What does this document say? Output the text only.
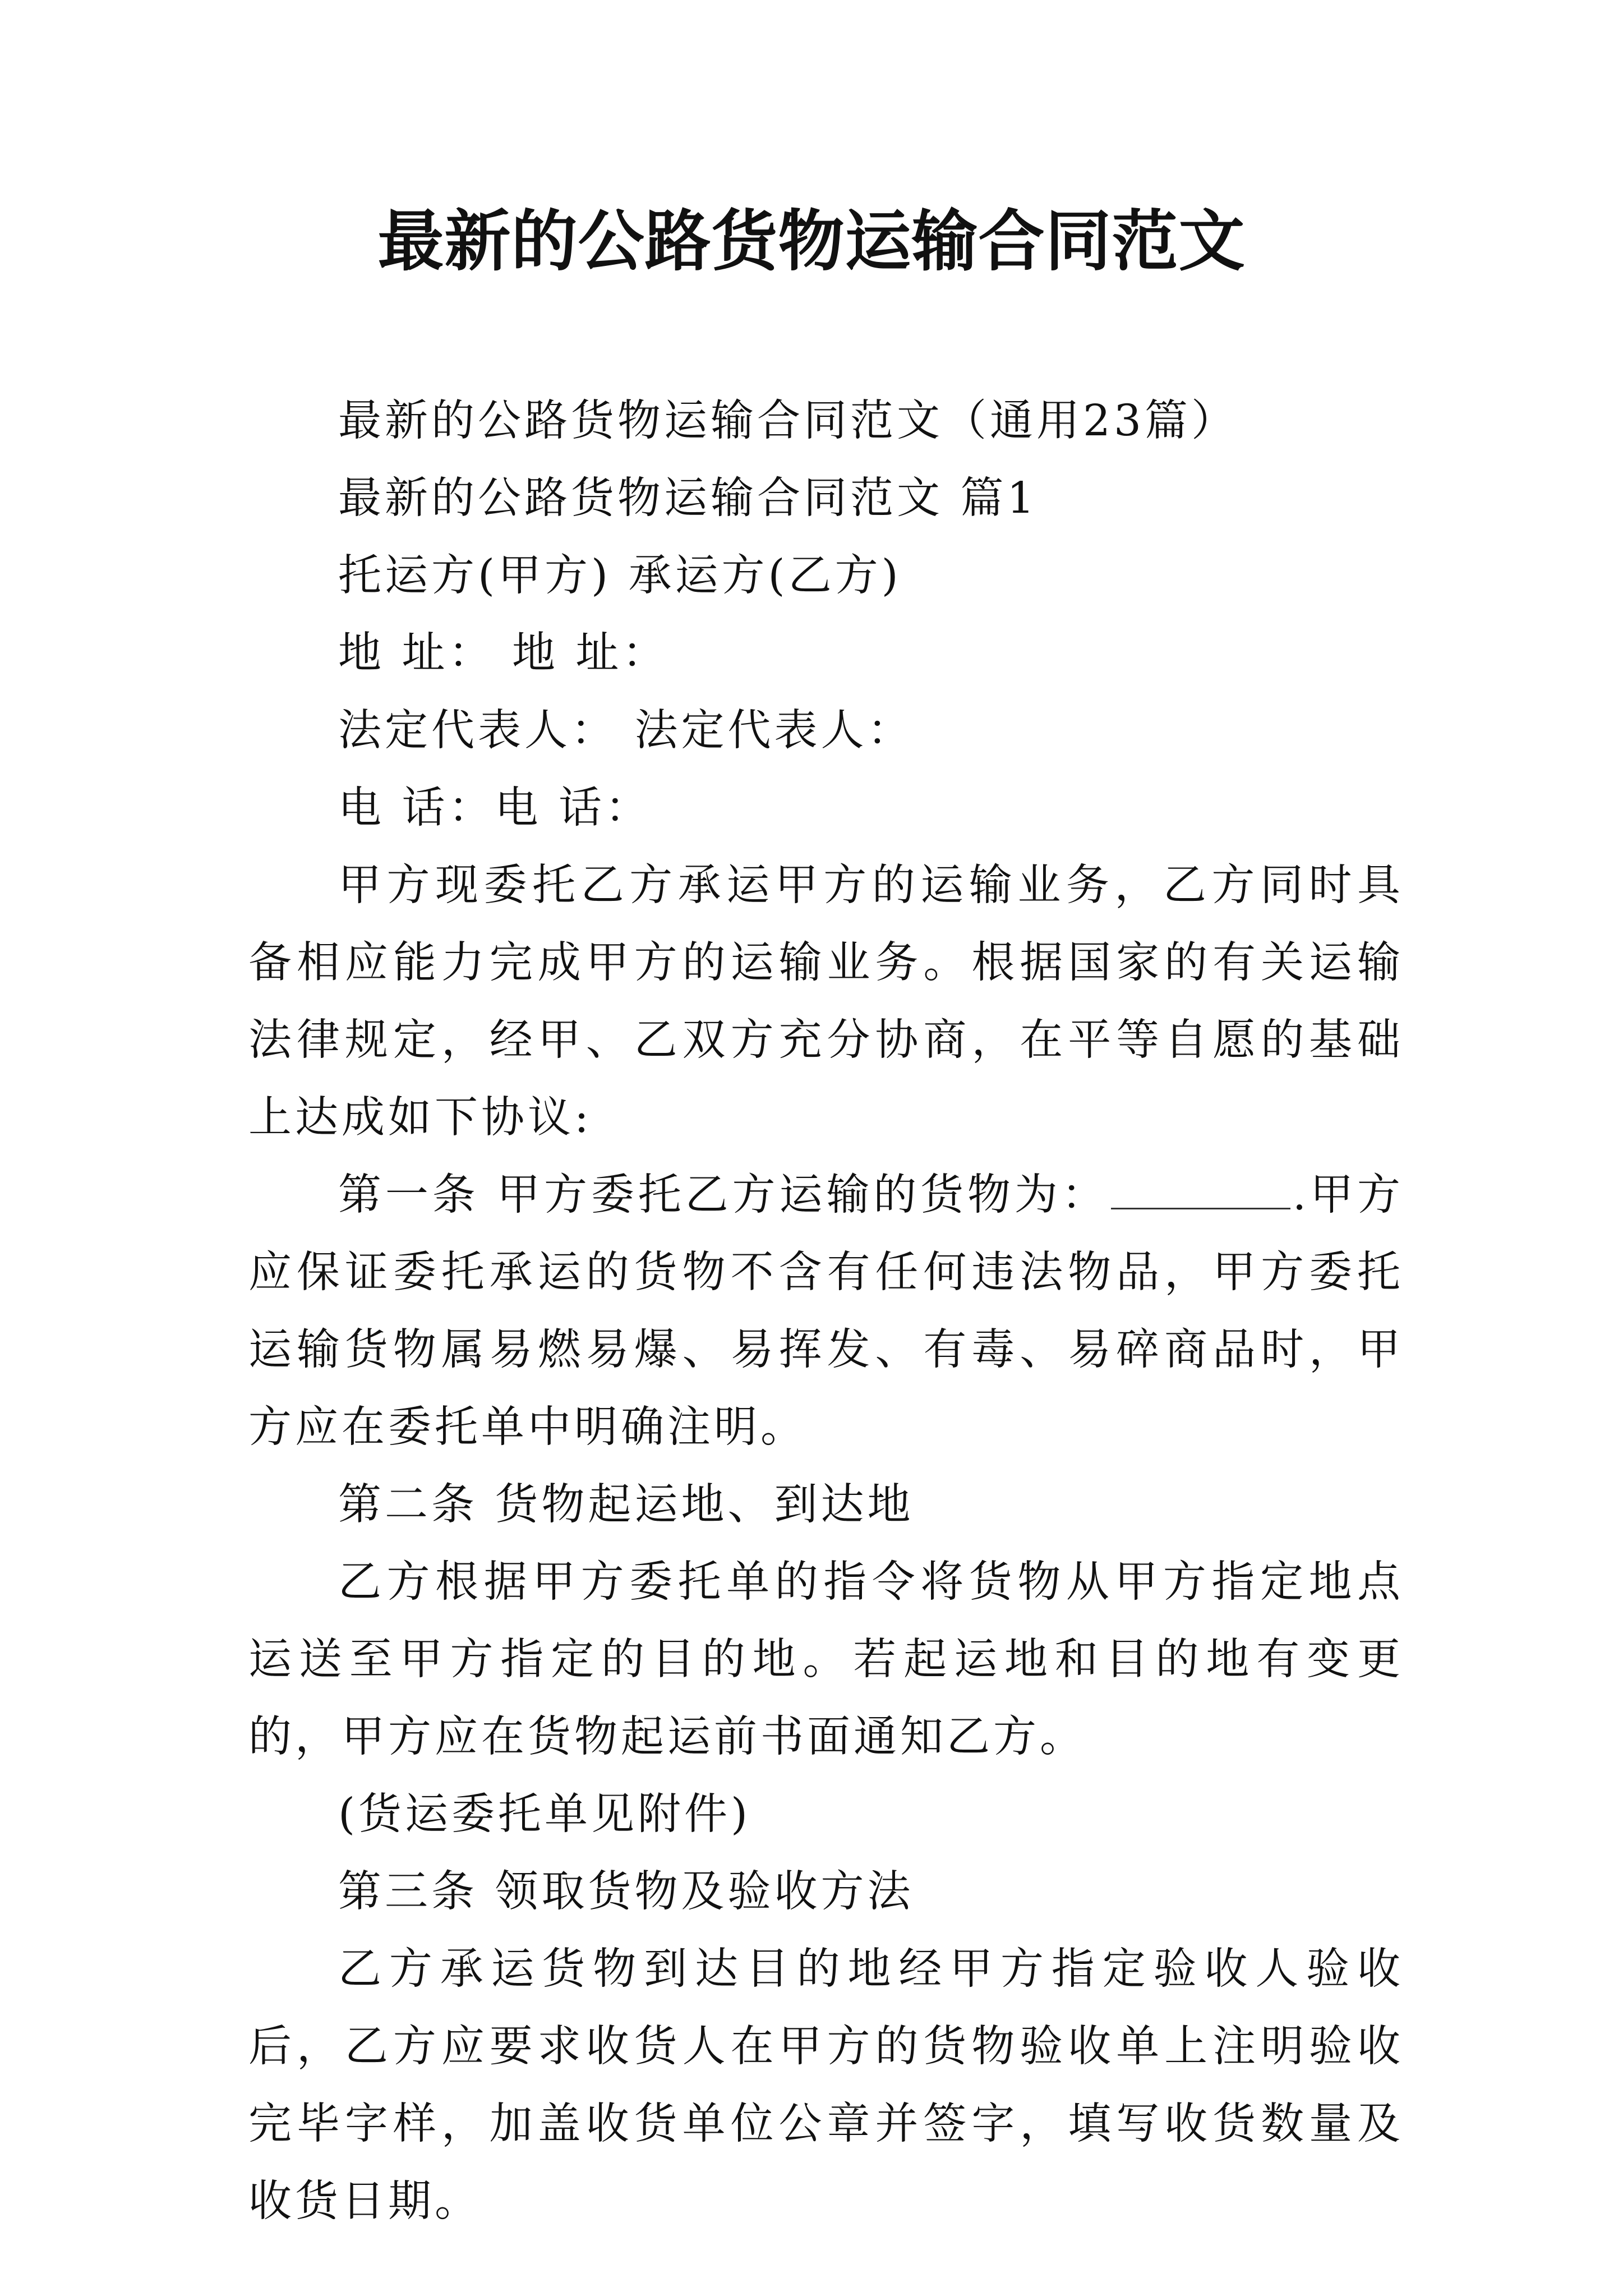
最新的公路货物运输合同范文

最新的公路货物运输合同范文（通用23篇）

最新的公路货物运输合同范文 篇1

托运方(甲方) 承运方(乙方)

地 址： 地 址：

法定代表人： 法定代表人：

电 话：电 话：

甲方现委托乙方承运甲方的运输业务，乙方同时具备相应能力完成甲方的运输业务。根据国家的有关运输法律规定，经甲、乙双方充分协商，在平等自愿的基础上达成如下协议:

第一条 甲方委托乙方运输的货物为：	.甲方应保证委托承运的货物不含有任何违法物品，甲方委托运输货物属易燃易爆、易挥发、有毒、易碎商品时，甲方应在委托单中明确注明。

第二条 货物起运地、到达地

乙方根据甲方委托单的指令将货物从甲方指定地点运送至甲方指定的目的地。若起运地和目的地有变更的，甲方应在货物起运前书面通知乙方。

(货运委托单见附件)

第三条 领取货物及验收方法

乙方承运货物到达目的地经甲方指定验收人验收后，乙方应要求收货人在甲方的货物验收单上注明验收完毕字样，加盖收货单位公章并签字，填写收货数量及收货日期。
